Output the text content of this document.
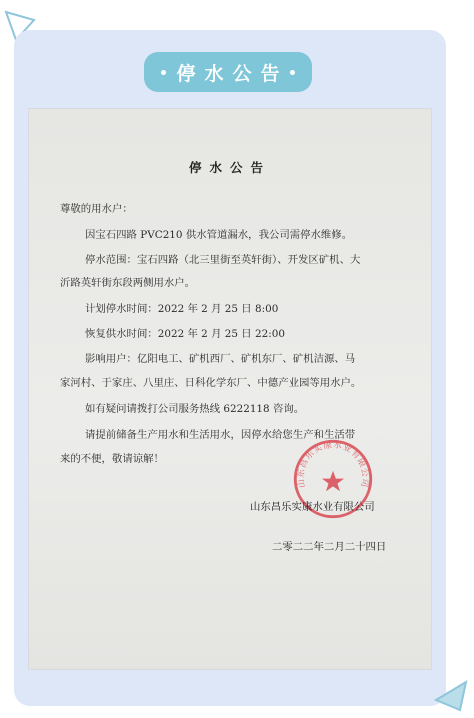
停水公告
停水公告
尊敬的用水户：
因宝石四路 PVC210 供水管道漏水，我公司需停水维修。
停水范围：宝石四路（北三里街至英轩街）、开发区矿机、大
沂路英轩街东段两侧用水户。
计划停水时间：2022 年 2 月 25 日 8:00
恢复供水时间：2022 年 2 月 25 日 22:00
影响用户：亿阳电工、矿机西厂、矿机东厂、矿机洁源、马
家河村、于家庄、八里庄、日科化学东厂、中德产业园等用水户。
如有疑问请拨打公司服务热线 6222118 咨询。
请提前储备生产用水和生活用水，因停水给您生产和生活带
来的不便，敬请谅解！
山东昌乐实康水业有限公司
山东昌乐实康水业有限公司
二零二二年二月二十四日
